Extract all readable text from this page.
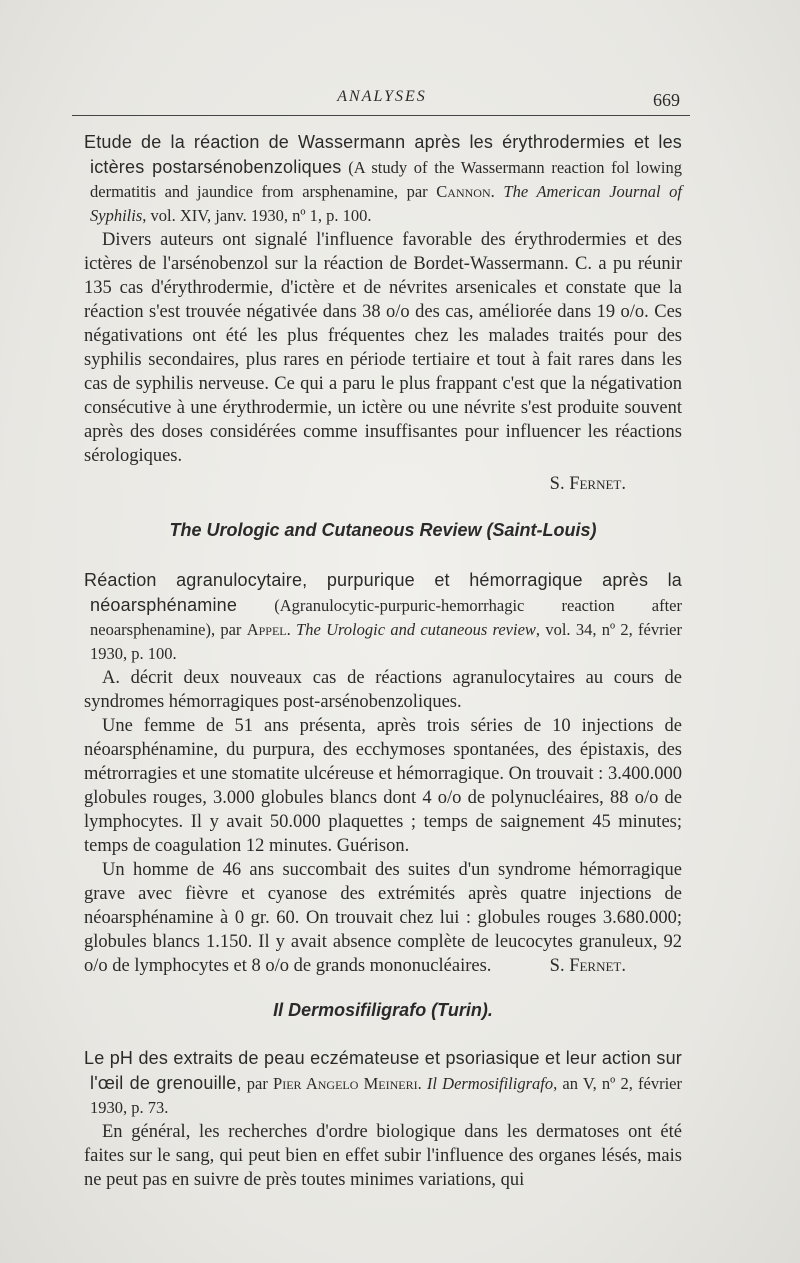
ANALYSES	669

Etude de la réaction de Wassermann après les érythrodermies et les ictères postarsénobenzoliques (A study of the Wassermann reaction fol lowing dermatitis and jaundice from arsphenamine, par Cannon. The American Journal of Syphilis, vol. XIV, janv. 1930, nº 1, p. 100.

Divers auteurs ont signalé l'influence favorable des érythrodermies et des ictères de l'arsénobenzol sur la réaction de Bordet-Wassermann. C. a pu réunir 135 cas d'érythrodermie, d'ictère et de névrites arsenicales et constate que la réaction s'est trouvée négativée dans 38 o/o des cas, améliorée dans 19 o/o. Ces négativations ont été les plus fréquentes chez les malades traités pour des syphilis secondaires, plus rares en période tertiaire et tout à fait rares dans les cas de syphilis nerveuse. Ce qui a paru le plus frappant c'est que la négativation consécutive à une érythrodermie, un ictère ou une névrite s'est produite souvent après des doses considérées comme insuffisantes pour influencer les réactions sérologiques.

S. Fernet.

The Urologic and Cutaneous Review (Saint-Louis)

Réaction agranulocytaire, purpurique et hémorragique après la néoarsphénamine (Agranulocytic-purpuric-hemorrhagic reaction after neoarsphenamine), par Appel. The Urologic and cutaneous review, vol. 34, nº 2, février 1930, p. 100.

A. décrit deux nouveaux cas de réactions agranulocytaires au cours de syndromes hémorragiques post-arsénobenzoliques.

Une femme de 51 ans présenta, après trois séries de 10 injections de néoarsphénamine, du purpura, des ecchymoses spontanées, des épistaxis, des métrorragies et une stomatite ulcéreuse et hémorragique. On trouvait : 3.400.000 globules rouges, 3.000 globules blancs dont 4 o/o de polynucléaires, 88 o/o de lymphocytes. Il y avait 50.000 plaquettes ; temps de saignement 45 minutes; temps de coagulation 12 minutes. Guérison.

Un homme de 46 ans succombait des suites d'un syndrome hémorragique grave avec fièvre et cyanose des extrémités après quatre injections de néoarsphénamine à 0 gr. 60. On trouvait chez lui : globules rouges 3.680.000; globules blancs 1.150. Il y avait absence complète de leucocytes granuleux, 92 o/o de lymphocytes et 8 o/o de grands mononucléaires.	S. Fernet.

Il Dermosifiligrafo (Turin).

Le pH des extraits de peau eczémateuse et psoriasique et leur action sur l'œil de grenouille, par Pier Angelo Meineri. Il Dermosifiligrafo, an V, nº 2, février 1930, p. 73.

En général, les recherches d'ordre biologique dans les dermatoses ont été faites sur le sang, qui peut bien en effet subir l'influence des organes lésés, mais ne peut pas en suivre de près toutes minimes variations, qui
